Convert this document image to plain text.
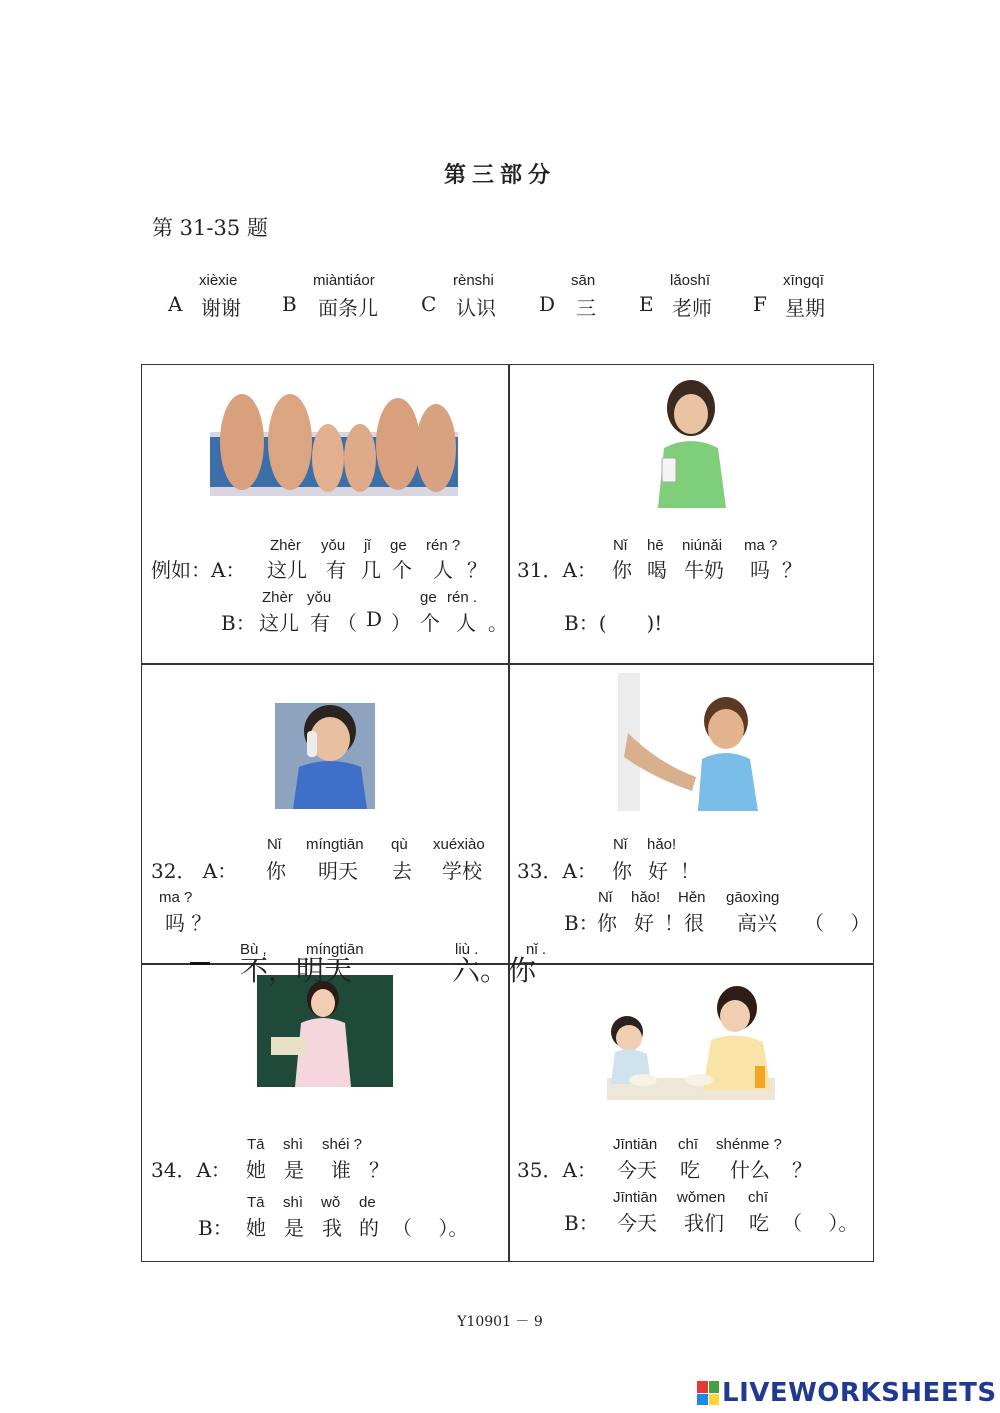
第三部分
第 31-35 题
xièxie
A 谢谢
miàntiáor
B 面条儿
rènshi
C 认识
sān
D 三
lǎoshī
E 老师
xīngqī
F 星期
Zhèr yǒu jǐ ge rén ?
例如：A： 这儿 有 几 个 人 ？
Zhèr yǒu	ge rén .
B： 这儿 有 （ D ） 个 人 。
Nǐ hē niúnǎi ma ?
31．A： 你 喝 牛奶 吗 ？
B：(　　)!
Nǐ míngtiān qù xuéxiào
32． A： 你 明天 去 学校
ma ?
吗 ？
Bù ,	míngtiān	liù .	nǐ .
不，明天	六。你
Nǐ hǎo!
33．A： 你 好 ！
Nǐ hǎo! Hěn gāoxìng
B：
你 好 ！很 高兴 （　 ）
Tā shì shéi ?
34．A： 她 是 谁 ？
Tā shì wǒ de
B： 她 是 我 的 （　 ）。
Jīntiān chī shénme ?
35．A： 今天 吃 什么 ？
Jīntiān wǒmen chī
B： 今天 我们 吃 （　 ）。
Y10901 － 9
LIVEWORKSHEETS
